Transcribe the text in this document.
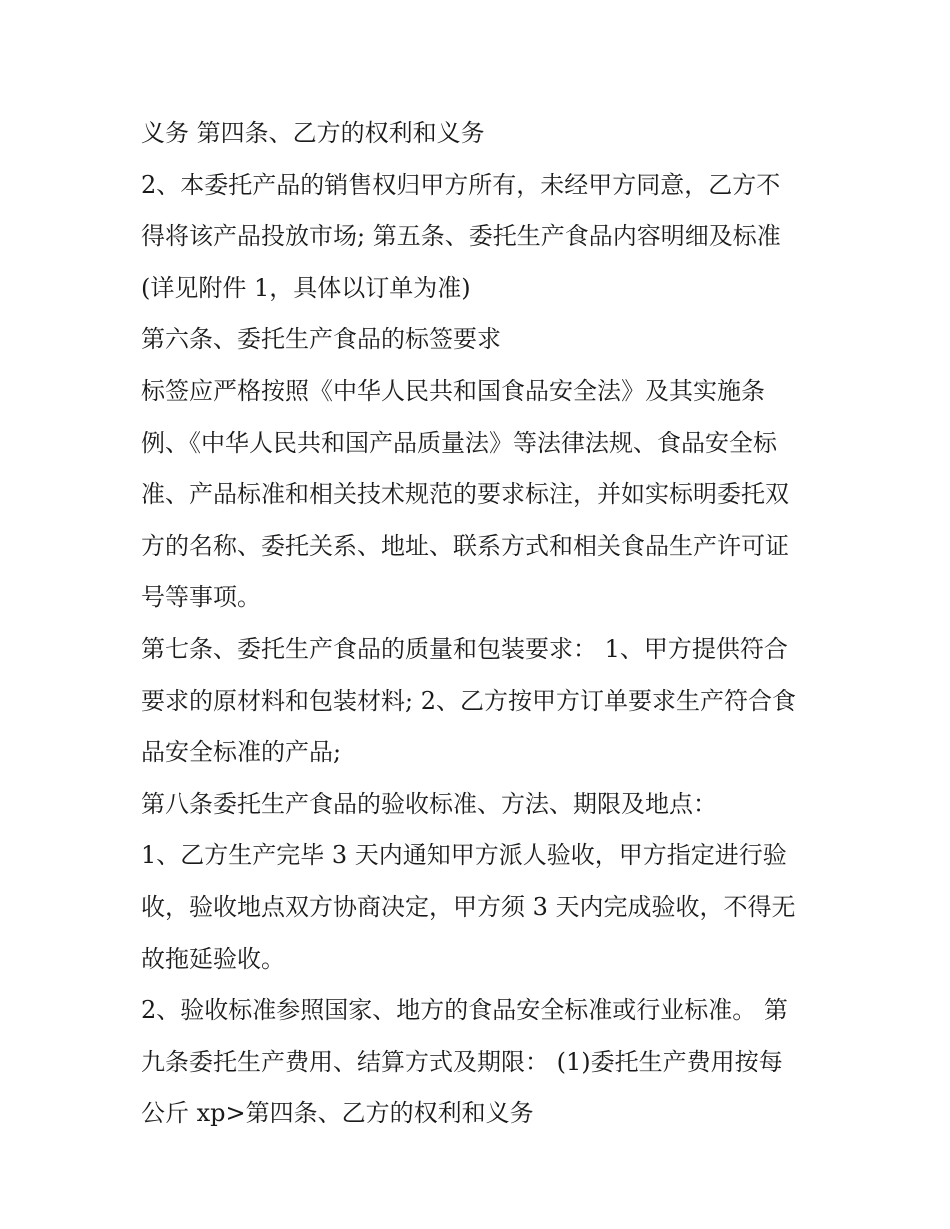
义务 第四条、乙方的权利和义务
2、本委托产品的销售权归甲方所有，未经甲方同意，乙方不
得将该产品投放市场; 第五条、委托生产食品内容明细及标准
(详见附件 1，具体以订单为准)
第六条、委托生产食品的标签要求
标签应严格按照《中华人民共和国食品安全法》及其实施条
例、《中华人民共和国产品质量法》等法律法规、食品安全标
准、产品标准和相关技术规范的要求标注，并如实标明委托双
方的名称、委托关系、地址、联系方式和相关食品生产许可证
号等事项。
第七条、委托生产食品的质量和包装要求： 1、甲方提供符合
要求的原材料和包装材料; 2、乙方按甲方订单要求生产符合食
品安全标准的产品;
第八条委托生产食品的验收标准、方法、期限及地点：
1、乙方生产完毕 3 天内通知甲方派人验收，甲方指定进行验
收，验收地点双方协商决定，甲方须 3 天内完成验收，不得无
故拖延验收。
2、验收标准参照国家、地方的食品安全标准或行业标准。 第
九条委托生产费用、结算方式及期限： (1)委托生产费用按每
公斤 xp>第四条、乙方的权利和义务
